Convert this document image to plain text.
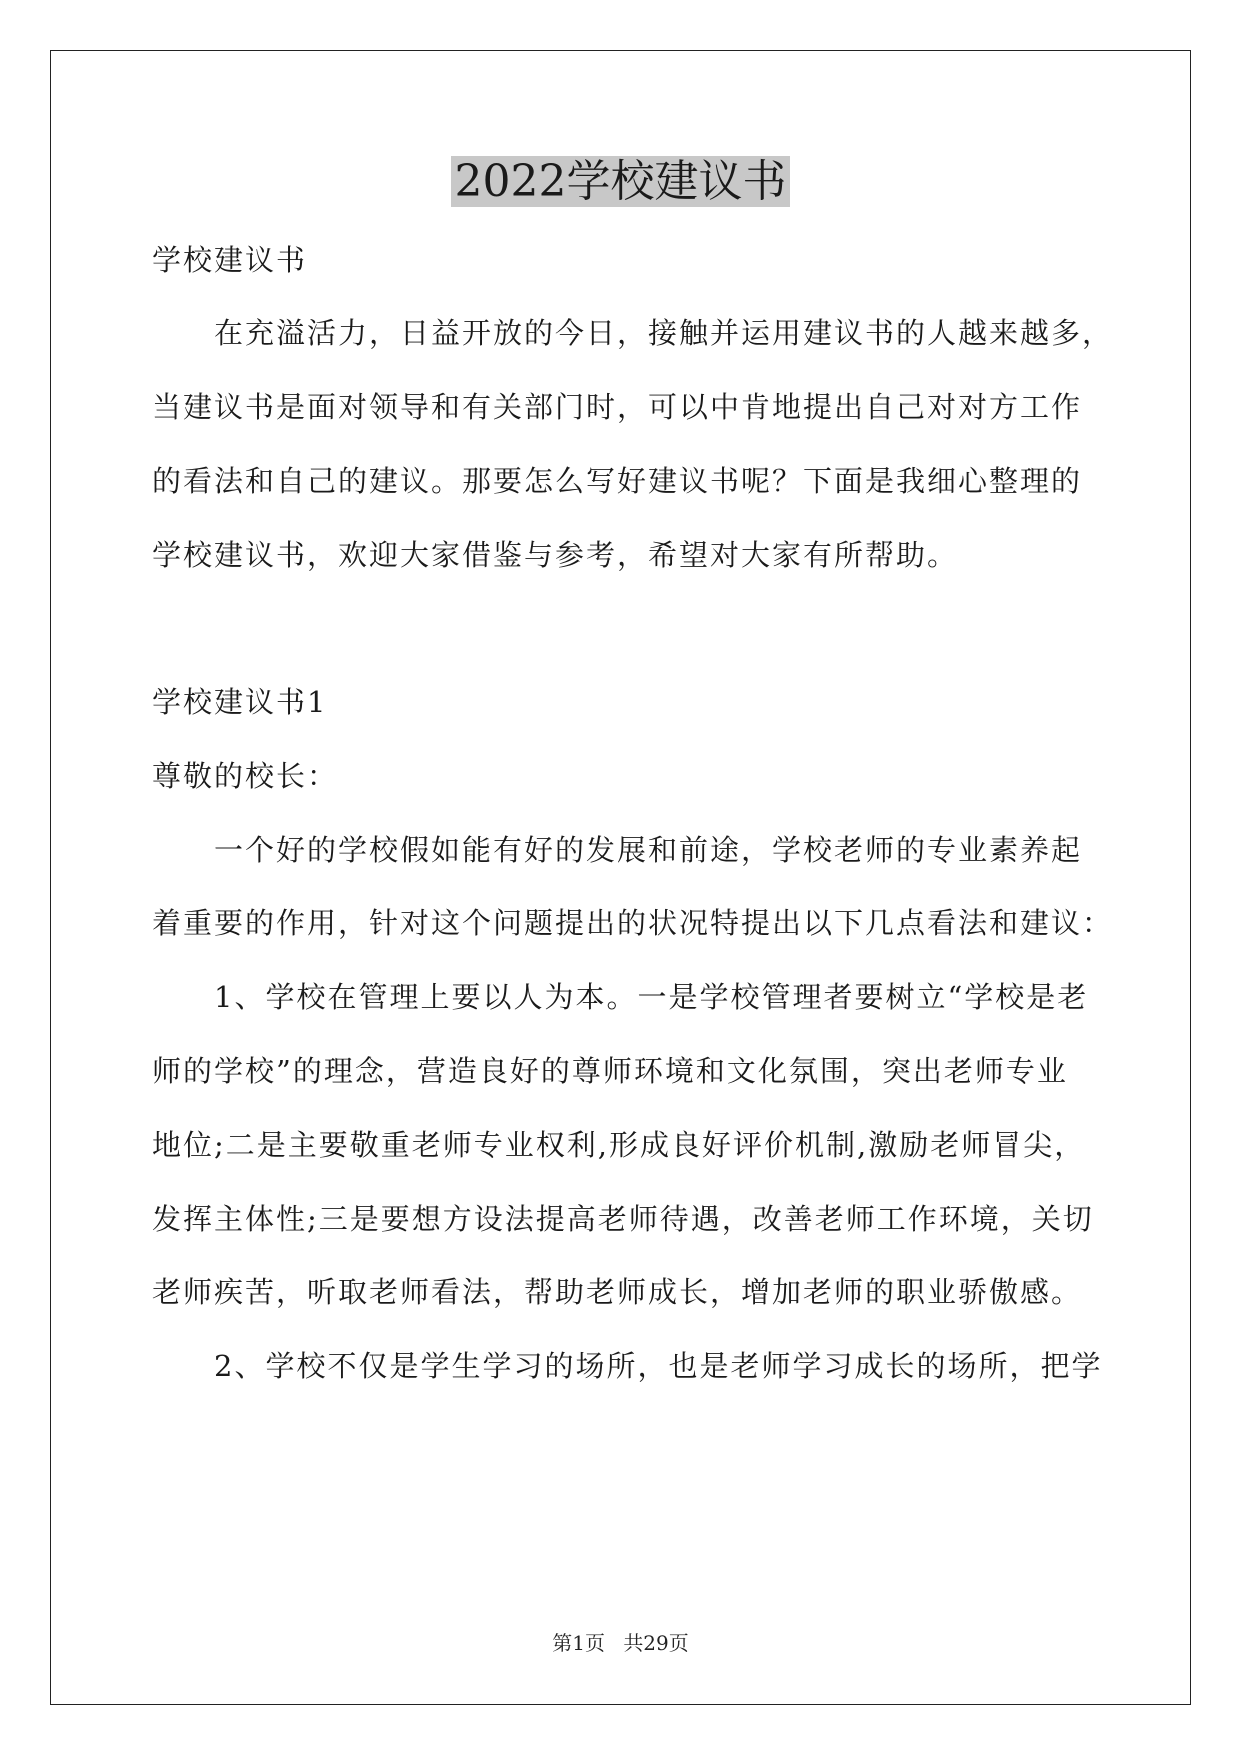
2022学校建议书
学校建议书
　　在充溢活力，日益开放的今日，接触并运用建议书的人越来越多，
当建议书是面对领导和有关部门时，可以中肯地提出自己对对方工作
的看法和自己的建议。那要怎么写好建议书呢？下面是我细心整理的
学校建议书，欢迎大家借鉴与参考，希望对大家有所帮助。
学校建议书1
尊敬的校长：
　　一个好的学校假如能有好的发展和前途，学校老师的专业素养起
着重要的作用，针对这个问题提出的状况特提出以下几点看法和建议：
　　1、学校在管理上要以人为本。一是学校管理者要树立“学校是老
师的学校”的理念，营造良好的尊师环境和文化氛围，突出老师专业
地位;二是主要敬重老师专业权利,形成良好评价机制,激励老师冒尖，
发挥主体性;三是要想方设法提高老师待遇，改善老师工作环境，关切
老师疾苦，听取老师看法，帮助老师成长，增加老师的职业骄傲感。
　　2、学校不仅是学生学习的场所，也是老师学习成长的场所，把学
第1页 共29页
